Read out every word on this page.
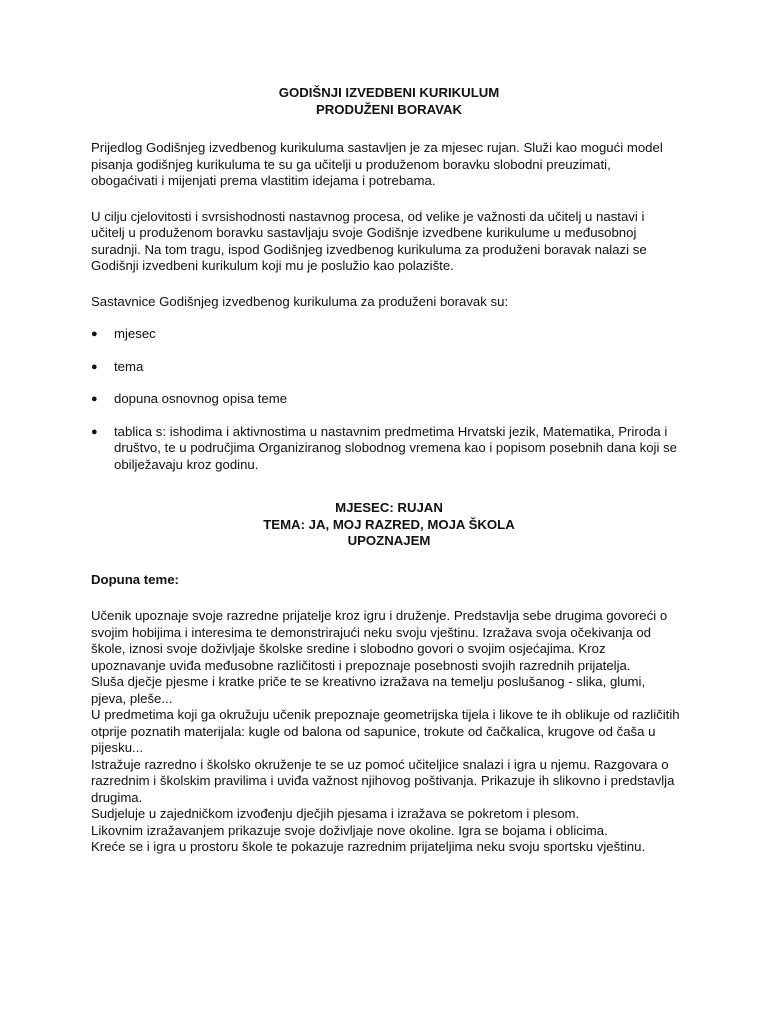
GODIŠNJI IZVEDBENI KURIKULUM
PRODUŽENI BORAVAK

Prijedlog Godišnjeg izvedbenog kurikuluma sastavljen je za mjesec rujan. Služi kao mogući model pisanja godišnjeg kurikuluma te su ga učitelji u produženom boravku slobodni preuzimati, obogaćivati i mijenjati prema vlastitim idejama i potrebama.

U cilju cjelovitosti i svrsishodnosti nastavnog procesa, od velike je važnosti da učitelj u nastavi i učitelj u produženom boravku sastavljaju svoje Godišnje izvedbene kurikulume u međusobnoj suradnji. Na tom tragu, ispod Godišnjeg izvedbenog kurikuluma za produženi boravak nalazi se Godišnji izvedbeni kurikulum koji mu je poslužio kao polazište.

Sastavnice Godišnjeg izvedbenog kurikuluma za produženi boravak su:

● mjesec
● tema
● dopuna osnovnog opisa teme
● tablica s: ishodima i aktivnostima u nastavnim predmetima Hrvatski jezik, Matematika, Priroda i društvo, te u područjima Organiziranog slobodnog vremena kao i popisom posebnih dana koji se obilježavaju kroz godinu.
MJESEC: RUJAN
TEMA: JA, MOJ RAZRED, MOJA ŠKOLA
UPOZNAJEM

Dopuna teme:

Učenik upoznaje svoje razredne prijatelje kroz igru i druženje. Predstavlja sebe drugima govoreći o svojim hobijima i interesima te demonstrirajući neku svoju vještinu. Izražava svoja očekivanja od škole, iznosi svoje doživljaje školske sredine i slobodno govori o svojim osjećajima. Kroz upoznavanje uviđa međusobne različitosti i prepoznaje posebnosti svojih razrednih prijatelja.

Sluša dječje pjesme i kratke priče te se kreativno izražava na temelju poslušanog - slika, glumi, pjeva, pleše...

U predmetima koji ga okružuju učenik prepoznaje geometrijska tijela i likove te ih oblikuje od različitih otprije poznatih materijala: kugle od balona od sapunice, trokute od čačkalica, krugove od čaša u pijesku...

Istražuje razredno i školsko okruženje te se uz pomoć učiteljice snalazi i igra u njemu. Razgovara o razrednim i školskim pravilima i uviđa važnost njihovog poštivanja. Prikazuje ih slikovno i predstavlja drugima.

Sudjeluje u zajedničkom izvođenju dječjih pjesama i izražava se pokretom i plesom.

Likovnim izražavanjem prikazuje svoje doživljaje nove okoline. Igra se bojama i oblicima.

Kreće se i igra u prostoru škole te pokazuje razrednim prijateljima neku svoju sportsku vještinu.
